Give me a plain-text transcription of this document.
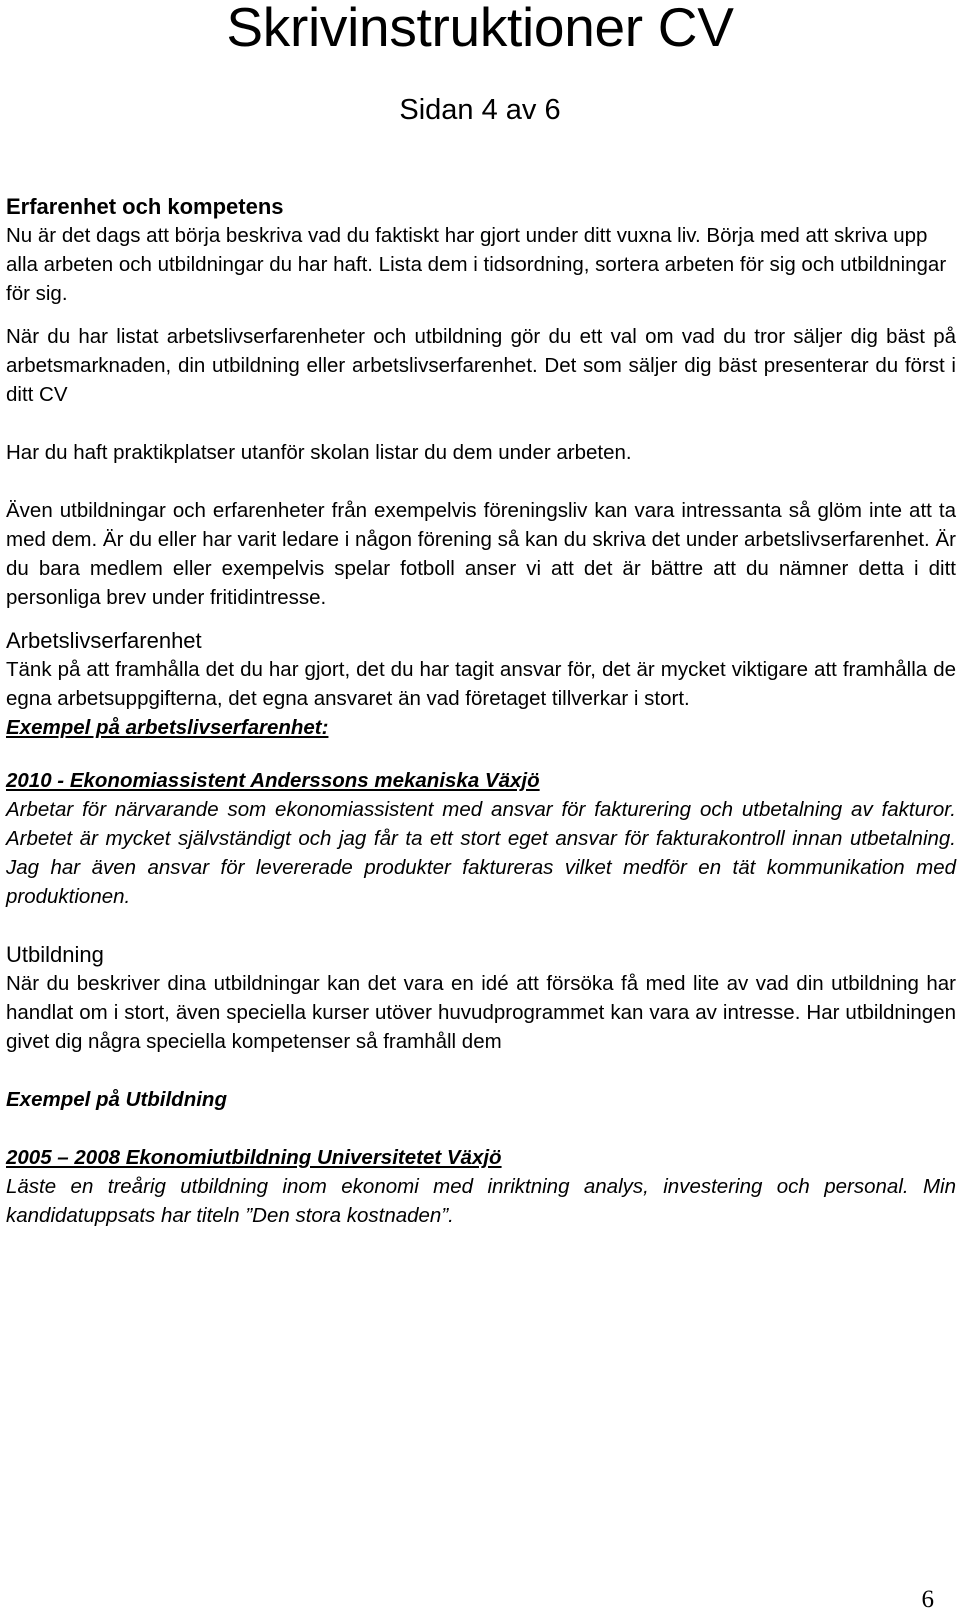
Skrivinstruktioner CV
Sidan 4 av 6
Erfarenhet och kompetens

Nu är det dags att börja beskriva vad du faktiskt har gjort under ditt vuxna liv. Börja med att skriva upp alla arbeten och utbildningar du har haft. Lista dem i tidsordning, sortera arbeten för sig och utbildningar för sig.

När du har listat arbetslivserfarenheter och utbildning gör du ett val om vad du tror säljer dig bäst på arbetsmarknaden, din utbildning eller arbetslivserfarenhet. Det som säljer dig bäst presenterar du först i ditt CV

Har du haft praktikplatser utanför skolan listar du dem under arbeten.

Även utbildningar och erfarenheter från exempelvis föreningsliv kan vara intressanta så glöm inte att ta med dem. Är du eller har varit ledare i någon förening så kan du skriva det under arbetslivserfarenhet. Är du bara medlem eller exempelvis spelar fotboll anser vi att det är bättre att du nämner detta i ditt personliga brev under fritidintresse.

Arbetslivserfarenhet

Tänk på att framhålla det du har gjort, det du har tagit ansvar för, det är mycket viktigare att framhålla de egna arbetsuppgifterna, det egna ansvaret än vad företaget tillverkar i stort.

Exempel på arbetslivserfarenhet:

2010 - Ekonomiassistent Anderssons mekaniska Växjö

Arbetar för närvarande som ekonomiassistent med ansvar för fakturering och utbetalning av fakturor. Arbetet är mycket självständigt och jag får ta ett stort eget ansvar för fakturakontroll innan utbetalning. Jag har även ansvar för levererade produkter faktureras vilket medför en tät kommunikation med produktionen.

Utbildning

När du beskriver dina utbildningar kan det vara en idé att försöka få med lite av vad din utbildning har handlat om i stort, även speciella kurser utöver huvudprogrammet kan vara av intresse. Har utbildningen givet dig några speciella kompetenser så framhåll dem

Exempel på Utbildning

2005 – 2008 Ekonomiutbildning Universitetet Växjö

Läste en treårig utbildning inom ekonomi med inriktning analys, investering och personal. Min kandidatuppsats har titeln ”Den stora kostnaden”.

6
